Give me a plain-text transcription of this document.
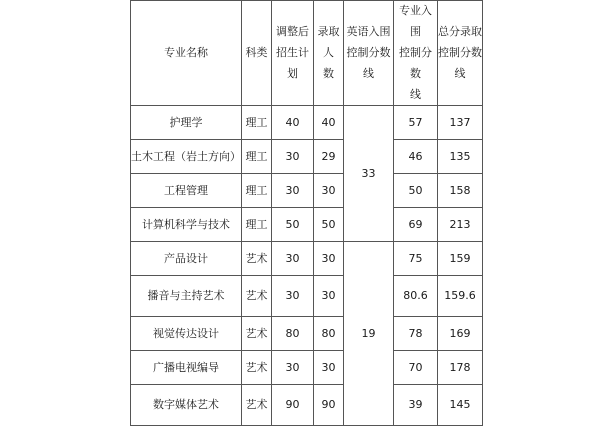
专业名称	科类	调整后
招生计
划	录取人
数	英语入围
控制分数
线	专业入围
控制分数
线	总分录取
控制分数
线

护理学	理工	40	40	33	57	137
土木工程（岩土方向）	理工	30	29		46	135
工程管理	理工	30	30		50	158
计算机科学与技术	理工	50	50		69	213
产品设计	艺术	30	30	19	75	159
播音与主持艺术	艺术	30	30		80.6	159.6
视觉传达设计	艺术	80	80		78	169
广播电视编导	艺术	30	30		70	178
数字媒体艺术	艺术	90	90		39	145
